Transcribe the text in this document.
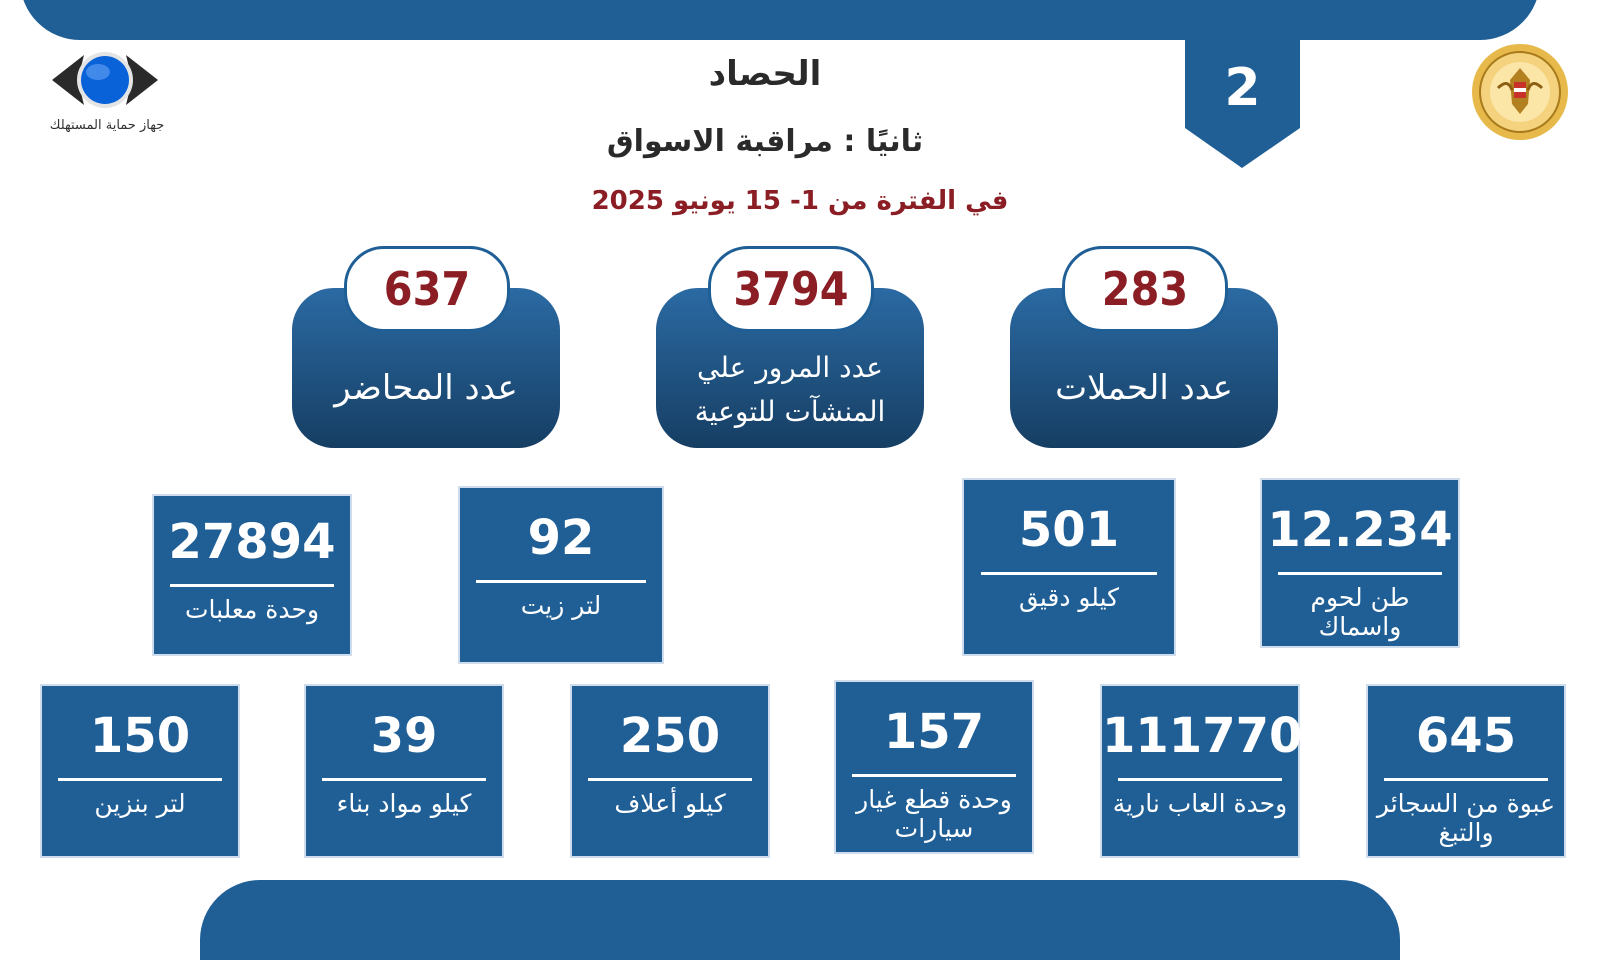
2
جهاز حماية المستهلك
الحصاد
ثانيًا : مراقبة الاسواق
في الفترة من 1- 15 يونيو 2025
عدد الحملات
283
عدد المرور علي المنشآت للتوعية
3794
عدد المحاضر
637
12.234
طن لحوم واسماك
501
كيلو دقيق
92
لتر زيت
27894
وحدة معلبات
645
عبوة من السجائر والتبغ
111770
وحدة العاب نارية
157
وحدة قطع غيار سيارات
250
كيلو أعلاف
39
كيلو مواد بناء
150
لتر بنزين
